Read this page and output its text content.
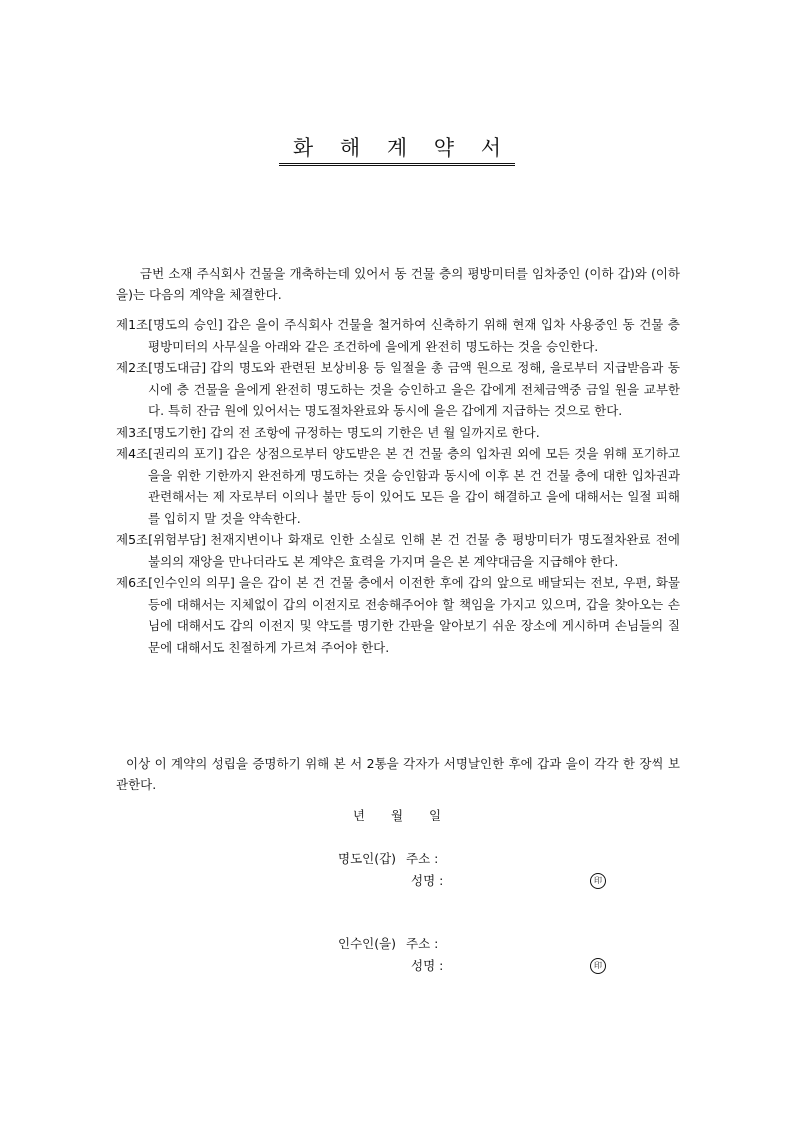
화 해 계 약 서

금번 소재 주식회사 건물을 개축하는데 있어서 동 건물 층의 평방미터를 임차중인 (이하 갑)와 (이하 을)는 다음의 계약을 체결한다.

제1조[명도의 승인] 갑은 을이 주식회사 건물을 철거하여 신축하기 위해 현재 입차 사용중인 동 건물 층 평방미터의 사무실을 아래와 같은 조건하에 을에게 완전히 명도하는 것을 승인한다.

제2조[명도대금] 갑의 명도와 관련된 보상비용 등 일절을 총 금액 원으로 정해, 을로부터 지급받음과 동시에 층 건물을 을에게 완전히 명도하는 것을 승인하고 을은 갑에게 전체금액중 금일 원을 교부한다. 특히 잔금 원에 있어서는 명도절차완료와 동시에 을은 갑에게 지급하는 것으로 한다.

제3조[명도기한] 갑의 전 조항에 규정하는 명도의 기한은 년 월 일까지로 한다.

제4조[권리의 포기] 갑은 상점으로부터 양도받은 본 건 건물 층의 입차권 외에 모든 것을 위해 포기하고 을을 위한 기한까지 완전하게 명도하는 것을 승인함과 동시에 이후 본 건 건물 층에 대한 입차권과 관련해서는 제 자로부터 이의나 불만 등이 있어도 모든 을 갑이 해결하고 을에 대해서는 일절 피해를 입히지 말 것을 약속한다.

제5조[위험부담] 천재지변이나 화재로 인한 소실로 인해 본 건 건물 층 평방미터가 명도절차완료 전에 불의의 재앙을 만나더라도 본 계약은 효력을 가지며 을은 본 계약대금을 지급해야 한다.

제6조[인수인의 의무] 을은 갑이 본 건 건물 층에서 이전한 후에 갑의 앞으로 배달되는 전보, 우편, 화물 등에 대해서는 지체없이 갑의 이전지로 전송해주어야 할 책임을 가지고 있으며, 갑을 찾아오는 손님에 대해서도 갑의 이전지 및 약도를 명기한 간판을 알아보기 쉬운 장소에 게시하며 손님들의 질문에 대해서도 친절하게 가르쳐 주어야 한다.

이상 이 계약의 성립을 증명하기 위해 본 서 2통을 각자가 서명날인한 후에 갑과 을이 각각 한 장씩 보관한다.

년 월 일
명도인(갑) 주소 :
성명 :	印
인수인(을) 주소 :
성명 :	印
